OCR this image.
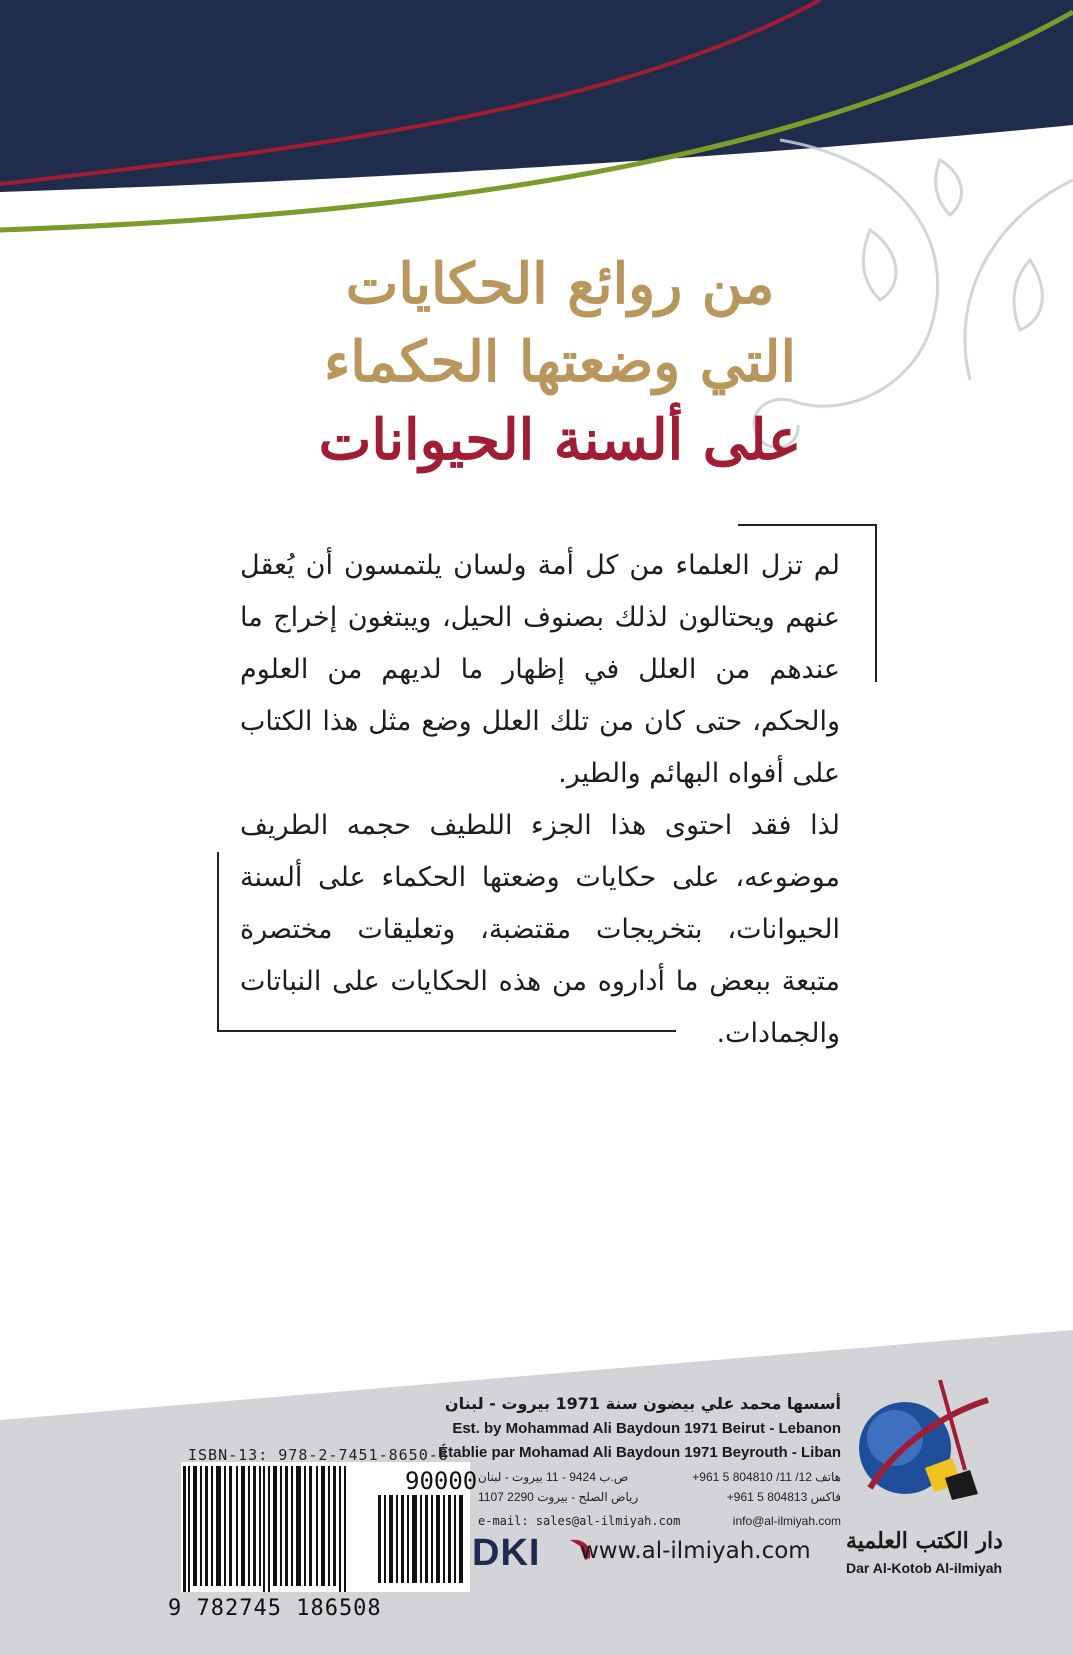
من روائع الحكايات
التي وضعتها الحكماء
على ألسنة الحيوانات

لم تزل العلماء من كل أمة ولسان يلتمسون أن يُعقل عنهم ويحتالون لذلك بصنوف الحيل، ويبتغون إخراج ما عندهم من العلل في إظهار ما لديهم من العلوم والحكم، حتى كان من تلك العلل وضع مثل هذا الكتاب على أفواه البهائم والطير.

لذا فقد احتوى هذا الجزء اللطيف حجمه الطريف موضوعه، على حكايات وضعتها الحكماء على ألسنة الحيوانات، بتخريجات مقتضبة، وتعليقات مختصرة متبعة ببعض ما أداروه من هذه الحكايات على النباتات والجمادات.

ISBN-13: 978-2-7451-8650-8
90000
9 782745 186508
أسسها محمد علي بيضون سنة 1971 بيروت - لبنان
Est. by Mohammad Ali Baydoun 1971 Beirut - Lebanon
Établie par Mohamad Ali Baydoun 1971 Beyrouth - Liban
هاتف 12/ 11/ 804810 5 961+
فاكس 804813 5 961+
ص.ب 9424 - 11 بيروت - لبنان
رياض الصلح - بيروت 2290 1107
e-mail: sales@al-ilmiyah.com	info@al-ilmiyah.com
DKI www.al-ilmiyah.com دار الكتب العلمية
Dar Al-Kotob Al-ilmiyah
